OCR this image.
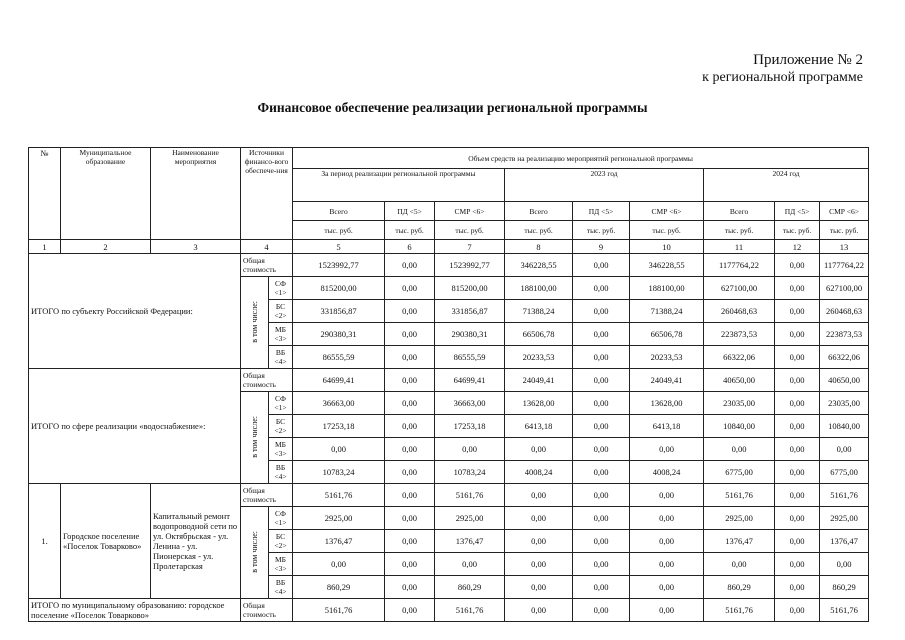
Приложение № 2
к региональной программе
Финансовое обеспечение реализации региональной программы
№	Муниципальное образование	Наименование мероприятия	Источники финансо-вого обеспече-ния		Объем средств на реализацию мероприятий региональной программы								
					За период реализации региональной программы			2023 год			2024 год		
					Всего	ПД <5>	СМР <6>	Всего	ПД <5>	СМР <6>	Всего	ПД <5>	СМР <6>
					тыс. руб.	тыс. руб.	тыс. руб.	тыс. руб.	тыс. руб.	тыс. руб.	тыс. руб.	тыс. руб.	тыс. руб.
1	2	3	4		5	6	7	8	9	10	11	12	13
ИТОГО по субъекту Российской Федерации:			Общая стоимость		1523992,77	0,00	1523992,77	346228,55	0,00	346228,55	1177764,22	0,00	1177764,22
			в том числе:	СФ <1>	815200,00	0,00	815200,00	188100,00	0,00	188100,00	627100,00	0,00	627100,00
				БС <2>	331856,87	0,00	331856,87	71388,24	0,00	71388,24	260468,63	0,00	260468,63
				МБ <3>	290380,31	0,00	290380,31	66506,78	0,00	66506,78	223873,53	0,00	223873,53
				ВБ <4>	86555,59	0,00	86555,59	20233,53	0,00	20233,53	66322,06	0,00	66322,06
ИТОГО по сфере реализации «водоснабжение»:			Общая стоимость		64699,41	0,00	64699,41	24049,41	0,00	24049,41	40650,00	0,00	40650,00
			в том числе:	СФ <1>	36663,00	0,00	36663,00	13628,00	0,00	13628,00	23035,00	0,00	23035,00
				БС <2>	17253,18	0,00	17253,18	6413,18	0,00	6413,18	10840,00	0,00	10840,00
				МБ <3>	0,00	0,00	0,00	0,00	0,00	0,00	0,00	0,00	0,00
				ВБ <4>	10783,24	0,00	10783,24	4008,24	0,00	4008,24	6775,00	0,00	6775,00
1.	Городское поселение «Поселок Товарково»	Капитальный ремонт водопроводной сети по ул. Октябрьская - ул. Ленина - ул. Пионерская - ул. Пролетарская	Общая стоимость		5161,76	0,00	5161,76	0,00	0,00	0,00	5161,76	0,00	5161,76
			в том числе:	СФ <1>	2925,00	0,00	2925,00	0,00	0,00	0,00	2925,00	0,00	2925,00
				БС <2>	1376,47	0,00	1376,47	0,00	0,00	0,00	1376,47	0,00	1376,47
				МБ <3>	0,00	0,00	0,00	0,00	0,00	0,00	0,00	0,00	0,00
				ВБ <4>	860,29	0,00	860,29	0,00	0,00	0,00	860,29	0,00	860,29
ИТОГО по муниципальному образованию: городское поселение «Поселок Товарково»			Общая стоимость		5161,76	0,00	5161,76	0,00	0,00	0,00	5161,76	0,00	5161,76
